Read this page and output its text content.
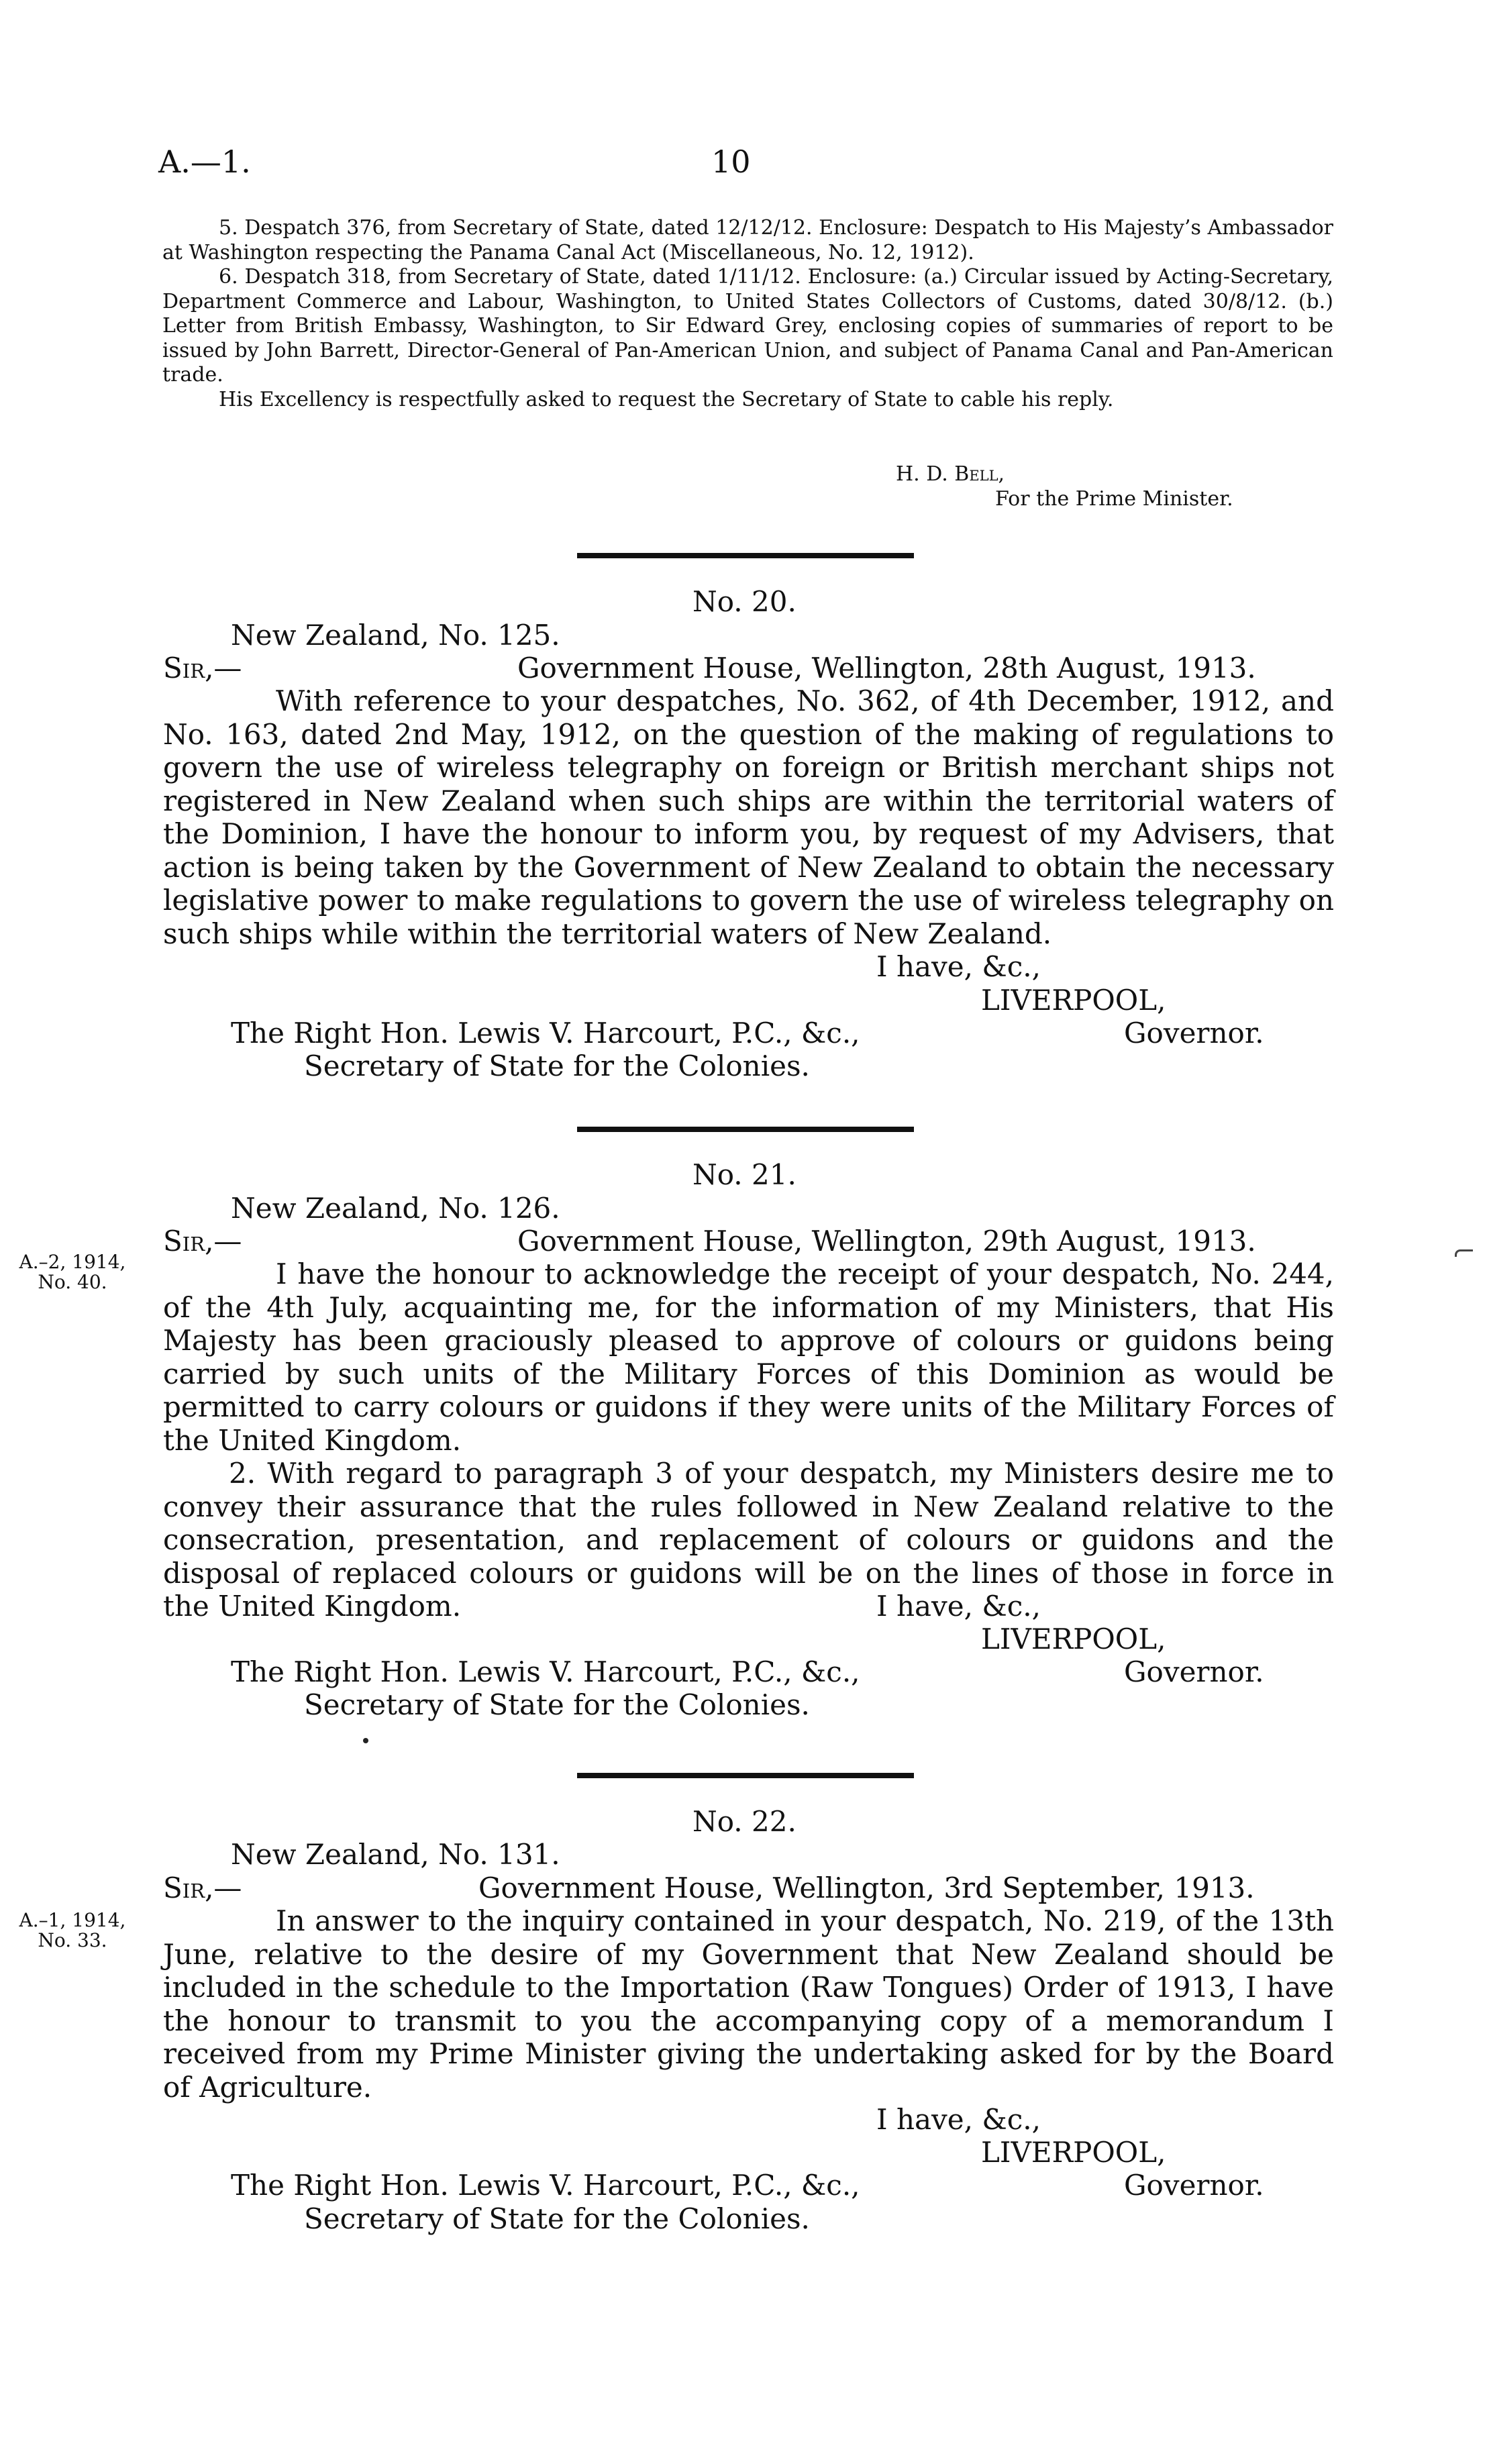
A.—1.	10

5. Despatch 376, from Secretary of State, dated 12/12/12. Enclosure: Despatch to His Majesty’s Ambassador at Washington respecting the Panama Canal Act (Miscellaneous, No. 12, 1912).

6. Despatch 318, from Secretary of State, dated 1/11/12. Enclosure: (a.) Circular issued by Acting-Secretary, Department Commerce and Labour, Washington, to United States Collectors of Customs, dated 30/8/12. (b.) Letter from British Embassy, Washington, to Sir Edward Grey, enclosing copies of summaries of report to be issued by John Barrett, Director-General of Pan-American Union, and subject of Panama Canal and Pan-American trade.

His Excellency is respectfully asked to request the Secretary of State to cable his reply.

H. D. Bell,
For the Prime Minister.
No. 20.
New Zealand, No. 125.
Sir,—	Government House, Wellington, 28th August, 1913.

With reference to your despatches, No. 362, of 4th December, 1912, and No. 163, dated 2nd May, 1912, on the question of the making of regulations to govern the use of wireless telegraphy on foreign or British merchant ships not registered in New Zealand when such ships are within the territorial waters of the Dominion, I have the honour to inform you, by request of my Advisers, that action is being taken by the Government of New Zealand to obtain the necessary legislative power to make regulations to govern the use of wireless telegraphy on such ships while within the territorial waters of New Zealand.

I have, &c.,
LIVERPOOL,
Governor.
The Right Hon. Lewis V. Harcourt, P.C., &c.,
Secretary of State for the Colonies.
No. 21.
New Zealand, No. 126.
Sir,—	Government House, Wellington, 29th August, 1913.
A.–2, 1914,
No. 40.	I have the honour to acknowledge the receipt of your despatch, No. 244, of the 4th July, acquainting me, for the information of my Ministers, that His Majesty has been graciously pleased to approve of colours or guidons being carried by such units of the Military Forces of this Dominion as would be permitted to carry colours or guidons if they were units of the Military Forces of the United Kingdom.

2. With regard to paragraph 3 of your despatch, my Ministers desire me to convey their assurance that the rules followed in New Zealand relative to the consecration, presentation, and replacement of colours or guidons and the disposal of replaced colours or guidons will be on the lines of those in force in the United Kingdom.	I have, &c.,
LIVERPOOL,
Governor.
The Right Hon. Lewis V. Harcourt, P.C., &c.,
Secretary of State for the Colonies.
No. 22.
New Zealand, No. 131.
Sir,—	Government House, Wellington, 3rd September, 1913.
A.–1, 1914,
No. 33.

In answer to the inquiry contained in your despatch, No. 219, of the 13th June, relative to the desire of my Government that New Zealand should be included in the schedule to the Importation (Raw Tongues) Order of 1913, I have the honour to transmit to you the accompanying copy of a memorandum I received from my Prime Minister giving the undertaking asked for by the Board of Agriculture.

I have, &c.,
LIVERPOOL,
Governor.
The Right Hon. Lewis V. Harcourt, P.C., &c.,
Secretary of State for the Colonies.
